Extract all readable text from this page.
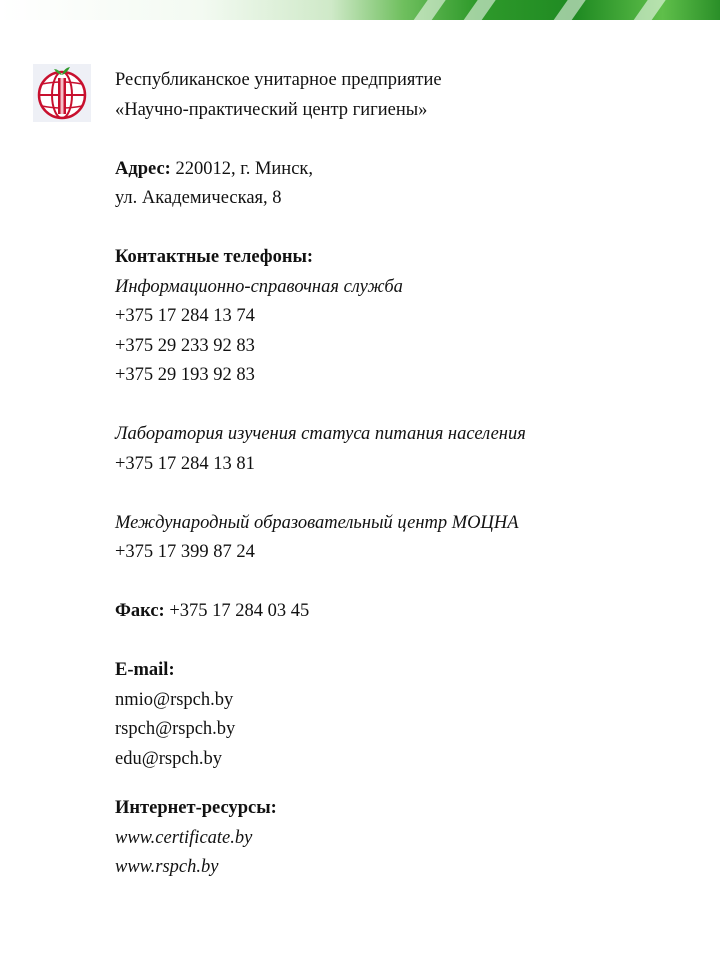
Республиканское унитарное предприятие
«Научно-практический центр гигиены»
Адрес: 220012, г. Минск,
ул. Академическая, 8
Контактные телефоны:
Информационно-справочная служба
+375 17 284 13 74
+375 29 233 92 83
+375 29 193 92 83
Лаборатория изучения статуса питания населения
+375 17 284 13 81
Международный образовательный центр МОЦНА
+375 17 399 87 24
Факс: +375 17 284 03 45
E-mail:
nmio@rspch.by
rspch@rspch.by
edu@rspch.by
Интернет-ресурсы:
www.certificate.by
www.rspch.by
